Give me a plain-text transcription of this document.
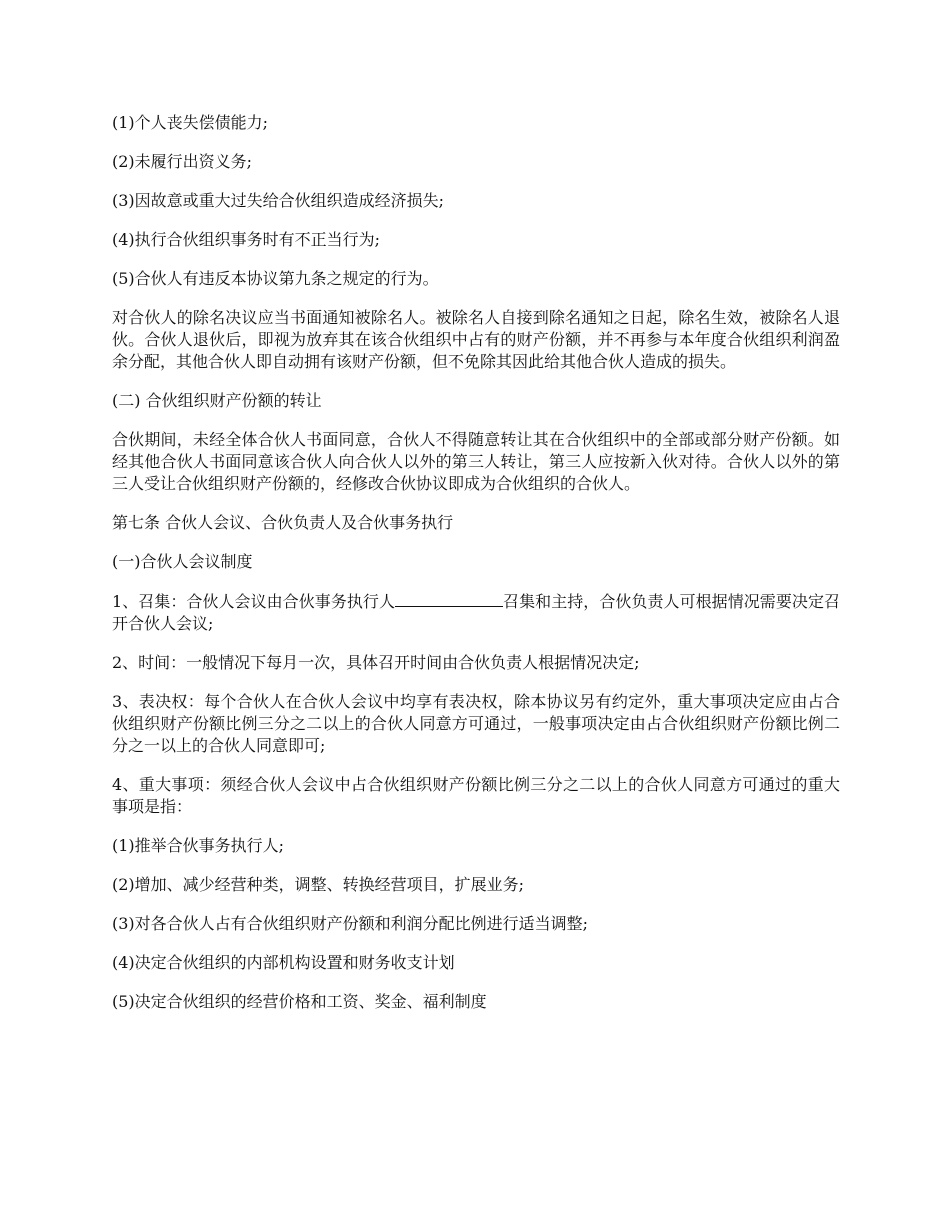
(1)个人丧失偿债能力;

(2)未履行出资义务;

(3)因故意或重大过失给合伙组织造成经济损失;

(4)执行合伙组织事务时有不正当行为;

(5)合伙人有违反本协议第九条之规定的行为。

对合伙人的除名决议应当书面通知被除名人。被除名人自接到除名通知之日起，除名生效，被除名人退伙。合伙人退伙后，即视为放弃其在该合伙组织中占有的财产份额，并不再参与本年度合伙组织利润盈余分配，其他合伙人即自动拥有该财产份额，但不免除其因此给其他合伙人造成的损失。

(二) 合伙组织财产份额的转让

合伙期间，未经全体合伙人书面同意，合伙人不得随意转让其在合伙组织中的全部或部分财产份额。如经其他合伙人书面同意该合伙人向合伙人以外的第三人转让，第三人应按新入伙对待。合伙人以外的第三人受让合伙组织财产份额的，经修改合伙协议即成为合伙组织的合伙人。

第七条 合伙人会议、合伙负责人及合伙事务执行

(一)合伙人会议制度

1、召集：合伙人会议由合伙事务执行人	召集和主持，合伙负责人可根据情况需要决定召开合伙人会议;

2、时间：一般情况下每月一次，具体召开时间由合伙负责人根据情况决定;

3、表决权：每个合伙人在合伙人会议中均享有表决权，除本协议另有约定外，重大事项决定应由占合伙组织财产份额比例三分之二以上的合伙人同意方可通过，一般事项决定由占合伙组织财产份额比例二分之一以上的合伙人同意即可;

4、重大事项：须经合伙人会议中占合伙组织财产份额比例三分之二以上的合伙人同意方可通过的重大事项是指：

(1)推举合伙事务执行人;

(2)增加、减少经营种类，调整、转换经营项目，扩展业务;

(3)对各合伙人占有合伙组织财产份额和利润分配比例进行适当调整;

(4)决定合伙组织的内部机构设置和财务收支计划

(5)决定合伙组织的经营价格和工资、奖金、福利制度
